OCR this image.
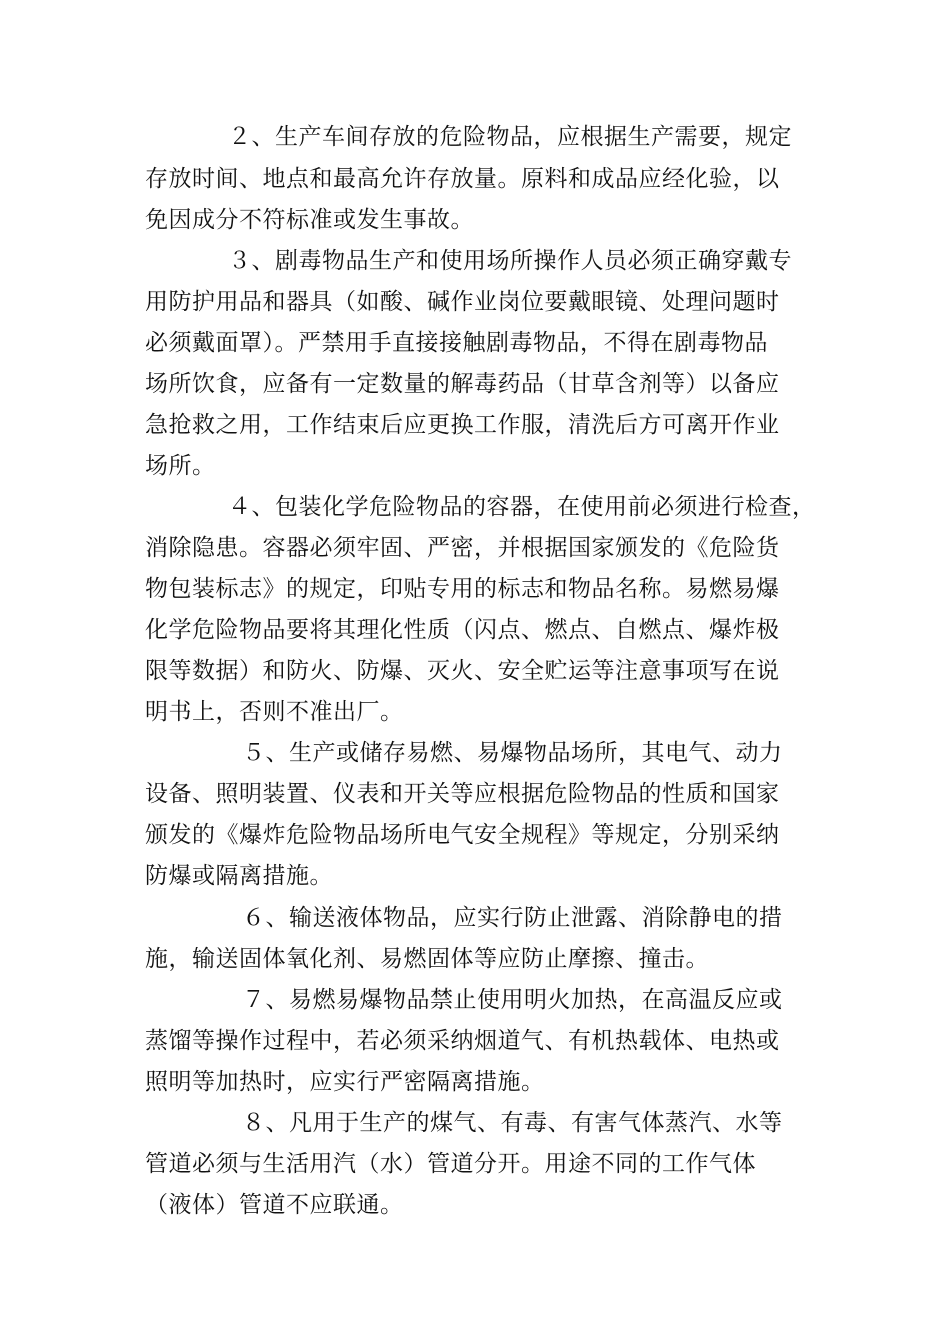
２、生产车间存放的危险物品，应根据生产需要，规定
存放时间、地点和最高允许存放量。原料和成品应经化验，以
免因成分不符标准或发生事故。
３、剧毒物品生产和使用场所操作人员必须正确穿戴专
用防护用品和器具（如酸、碱作业岗位要戴眼镜、处理问题时
必须戴面罩）。严禁用手直接接触剧毒物品，不得在剧毒物品
场所饮食，应备有一定数量的解毒药品（甘草含剂等）以备应
急抢救之用，工作结束后应更换工作服，清洗后方可离开作业
场所。
４、包装化学危险物品的容器，在使用前必须进行检查，
消除隐患。容器必须牢固、严密，并根据国家颁发的《危险货
物包装标志》的规定，印贴专用的标志和物品名称。易燃易爆
化学危险物品要将其理化性质（闪点、燃点、自燃点、爆炸极
限等数据）和防火、防爆、灭火、安全贮运等注意事项写在说
明书上，否则不准出厂。
５、生产或储存易燃、易爆物品场所，其电气、动力
设备、照明装置、仪表和开关等应根据危险物品的性质和国家
颁发的《爆炸危险物品场所电气安全规程》等规定，分别采纳
防爆或隔离措施。
６、输送液体物品，应实行防止泄露、消除静电的措
施，输送固体氧化剂、易燃固体等应防止摩擦、撞击。
７、易燃易爆物品禁止使用明火加热，在高温反应或
蒸馏等操作过程中，若必须采纳烟道气、有机热载体、电热或
照明等加热时，应实行严密隔离措施。
８、凡用于生产的煤气、有毒、有害气体蒸汽、水等
管道必须与生活用汽（水）管道分开。用途不同的工作气体
（液体）管道不应联通。
